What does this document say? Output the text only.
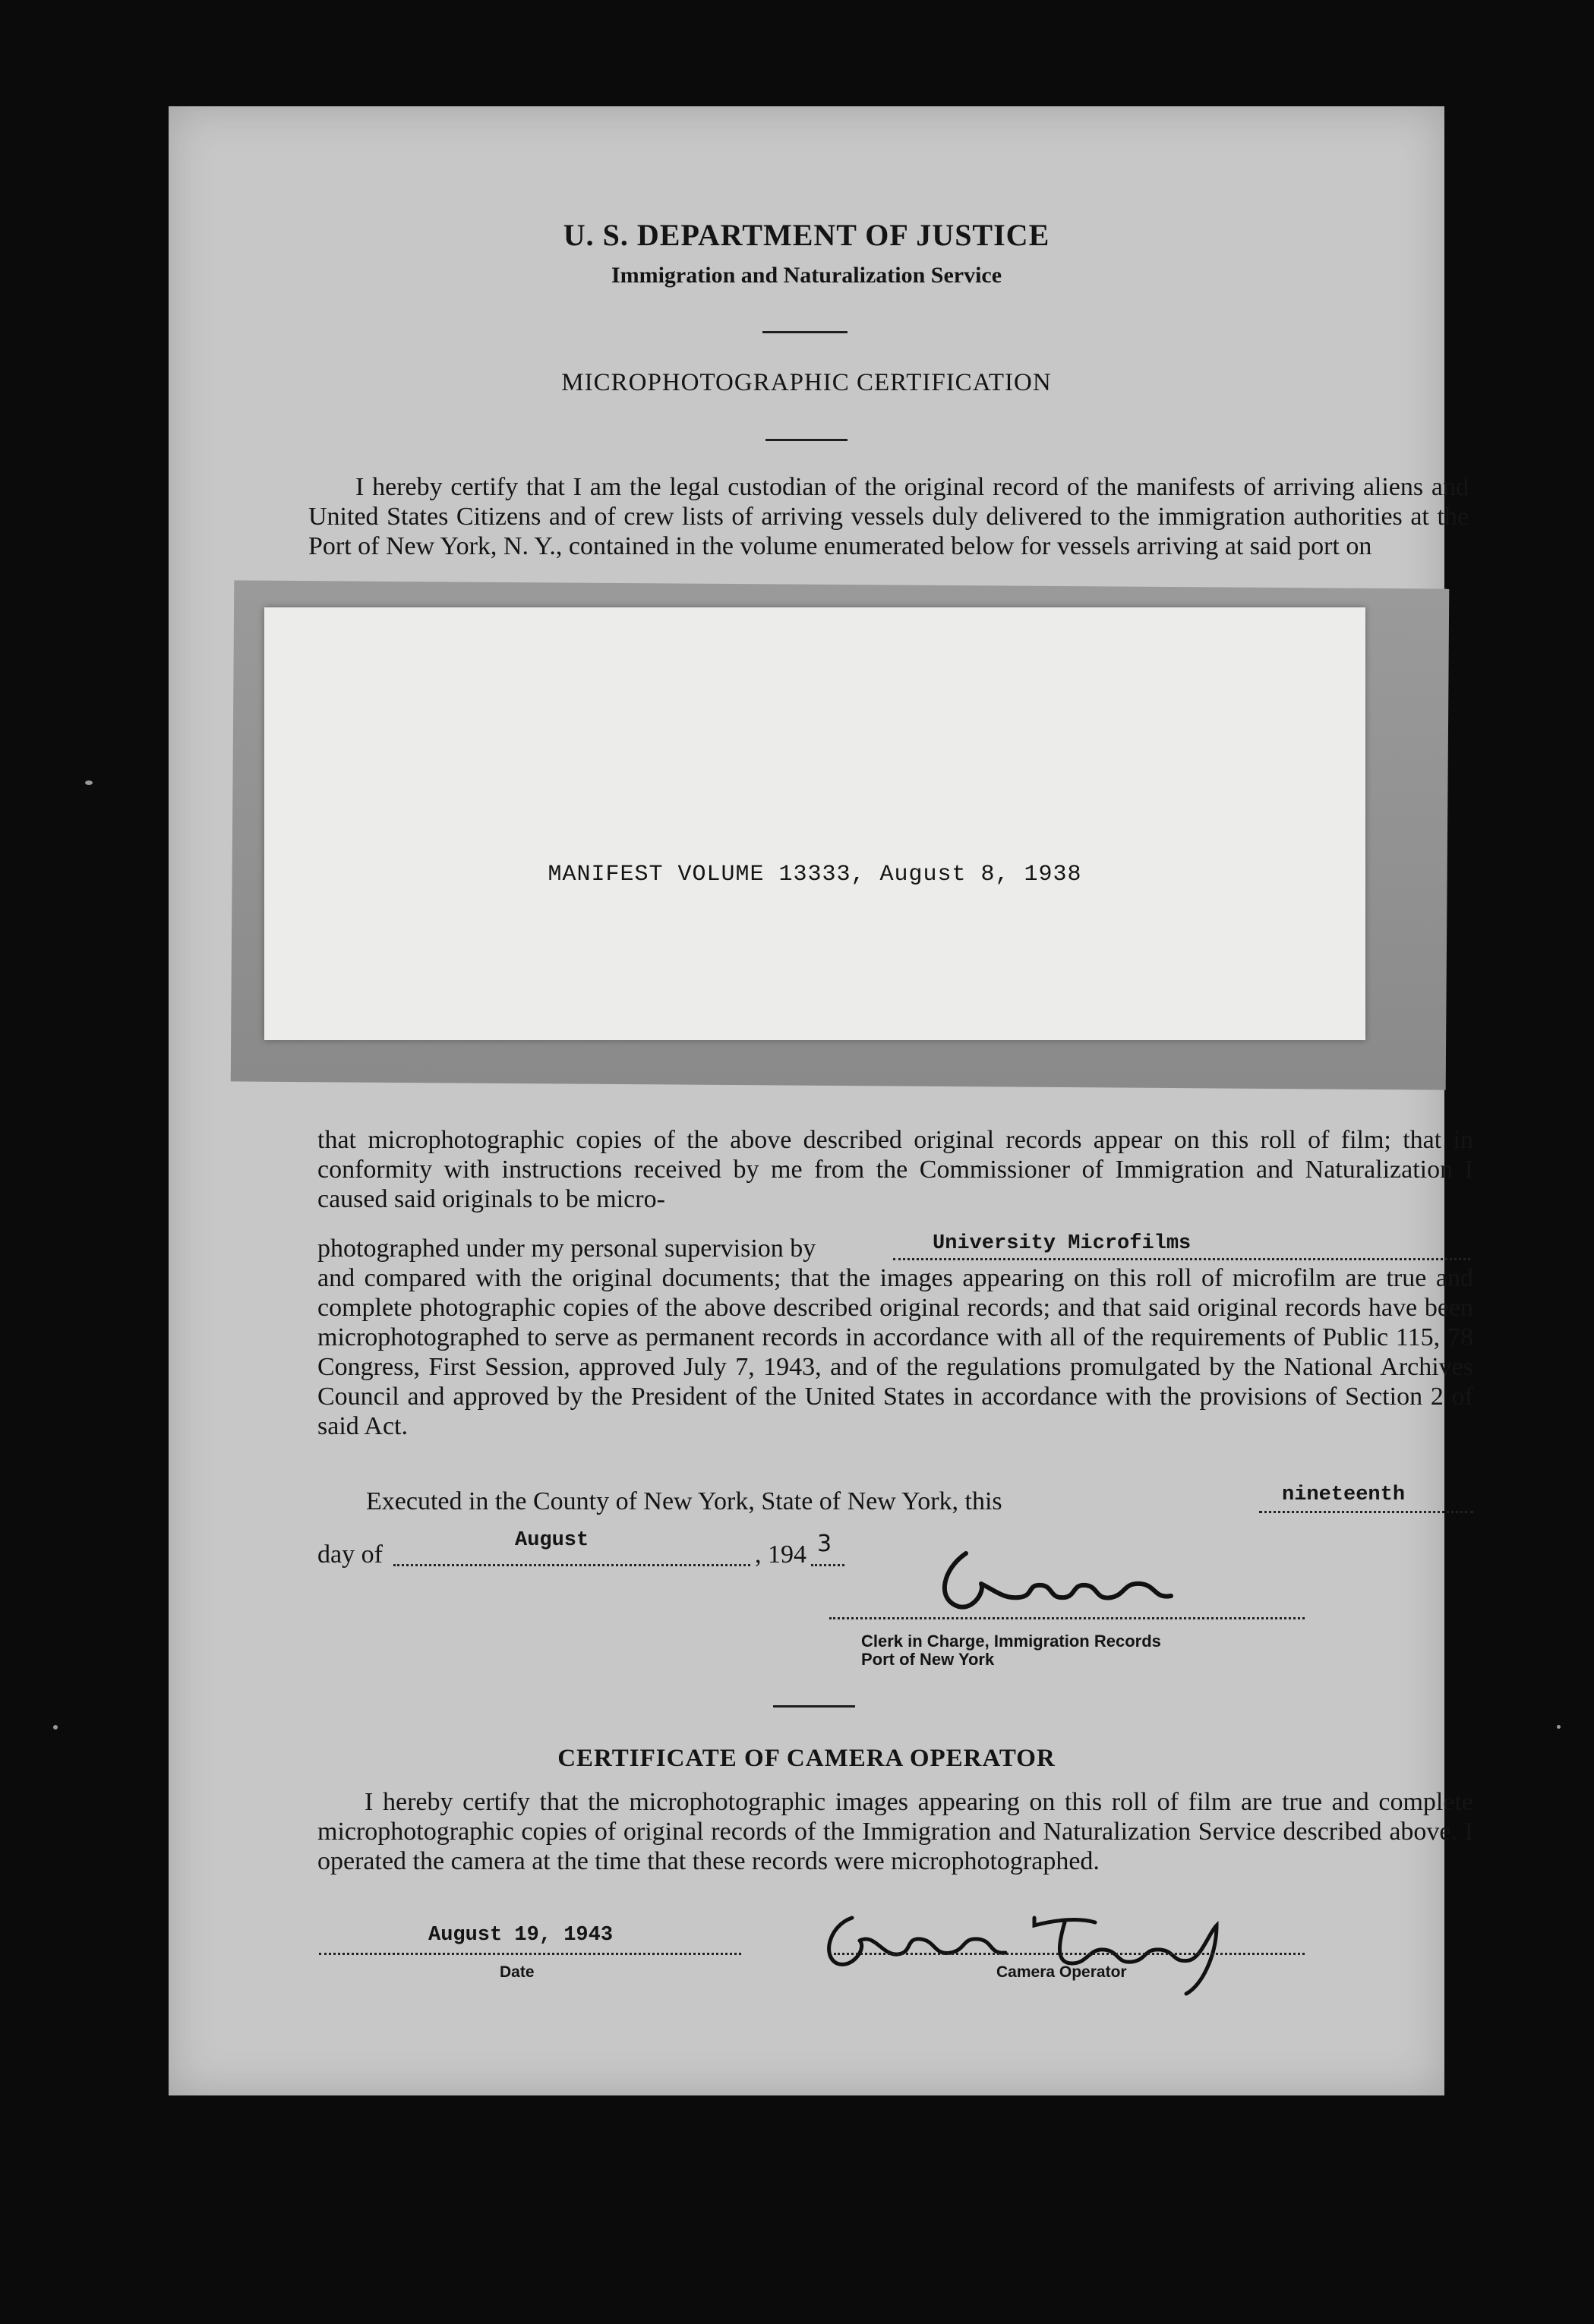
U. S. DEPARTMENT OF JUSTICE
Immigration and Naturalization Service
MICROPHOTOGRAPHIC CERTIFICATION
I hereby certify that I am the legal custodian of the original record of the manifests of arriving aliens and United States Citizens and of crew lists of arriving vessels duly delivered to the immigration authorities at the Port of New York, N. Y., contained in the volume enumerated below for vessels arriving at said port on
MANIFEST VOLUME 13333, August 8, 1938
that microphotographic copies of the above described original records appear on this roll of film; that in conformity with instructions received by me from the Commissioner of Immigration and Naturalization I caused said originals to be micro-
photographed under my personal supervision by	University Microfilms
and compared with the original documents; that the images appearing on this roll of microfilm are true and complete photographic copies of the above described original records; and that said original records have been microphotographed to serve as permanent records in accordance with all of the requirements of Public 115, 78 Congress, First Session, approved July 7, 1943, and of the regulations promulgated by the National Archives Council and approved by the President of the United States in accordance with the provisions of Section 2 of said Act.
Executed in the County of New York, State of New York, this	nineteenth
day of	August	, 194 3
Clerk in Charge, Immigration Records
Port of New York
CERTIFICATE OF CAMERA OPERATOR
I hereby certify that the microphotographic images appearing on this roll of film are true and complete microphotographic copies of original records of the Immigration and Naturalization Service described above. I operated the camera at the time that these records were microphotographed.
August 19, 1943
Date	Camera Operator
